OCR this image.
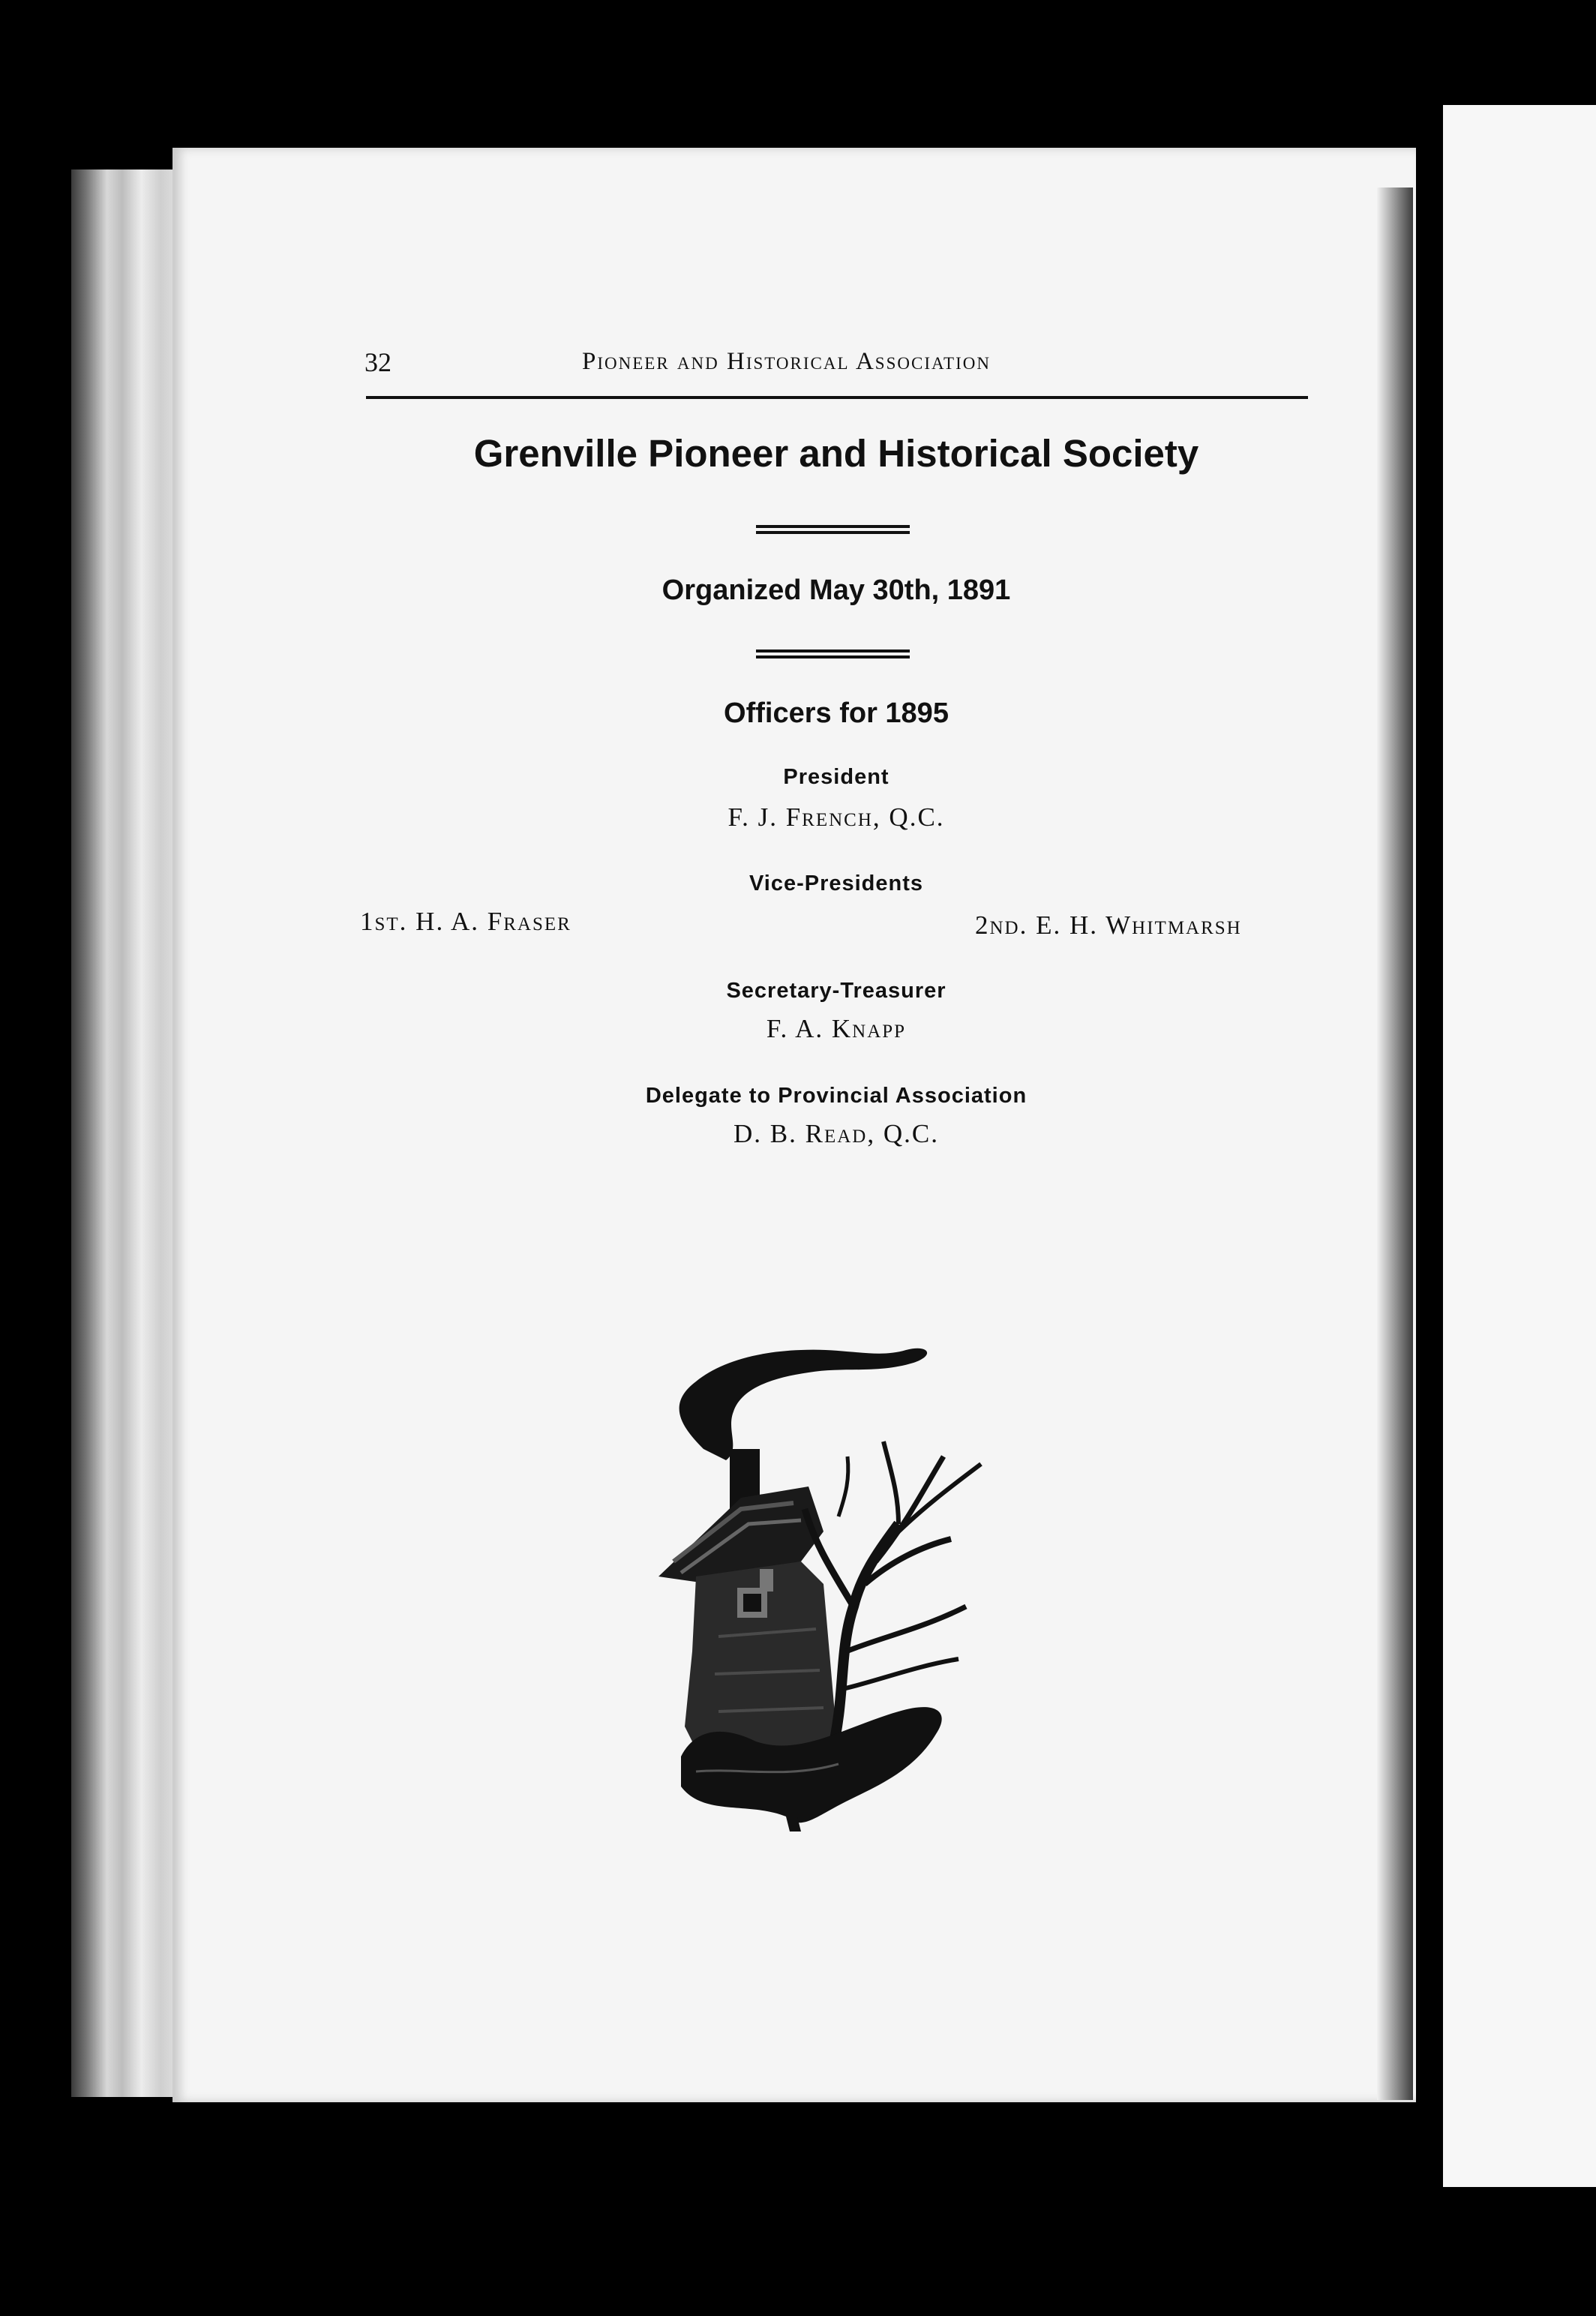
32	Pioneer and Historical Association
Grenville Pioneer and Historical Society
Organized May 30th, 1891
Officers for 1895
President
F. J. French, Q.C.
Vice-Presidents
Secretary-Treasurer
F. A. Knapp
Delegate to Provincial Association
D. B. Read, Q.C.
1st. H. A. Fraser	2nd. E. H. Whitmarsh
